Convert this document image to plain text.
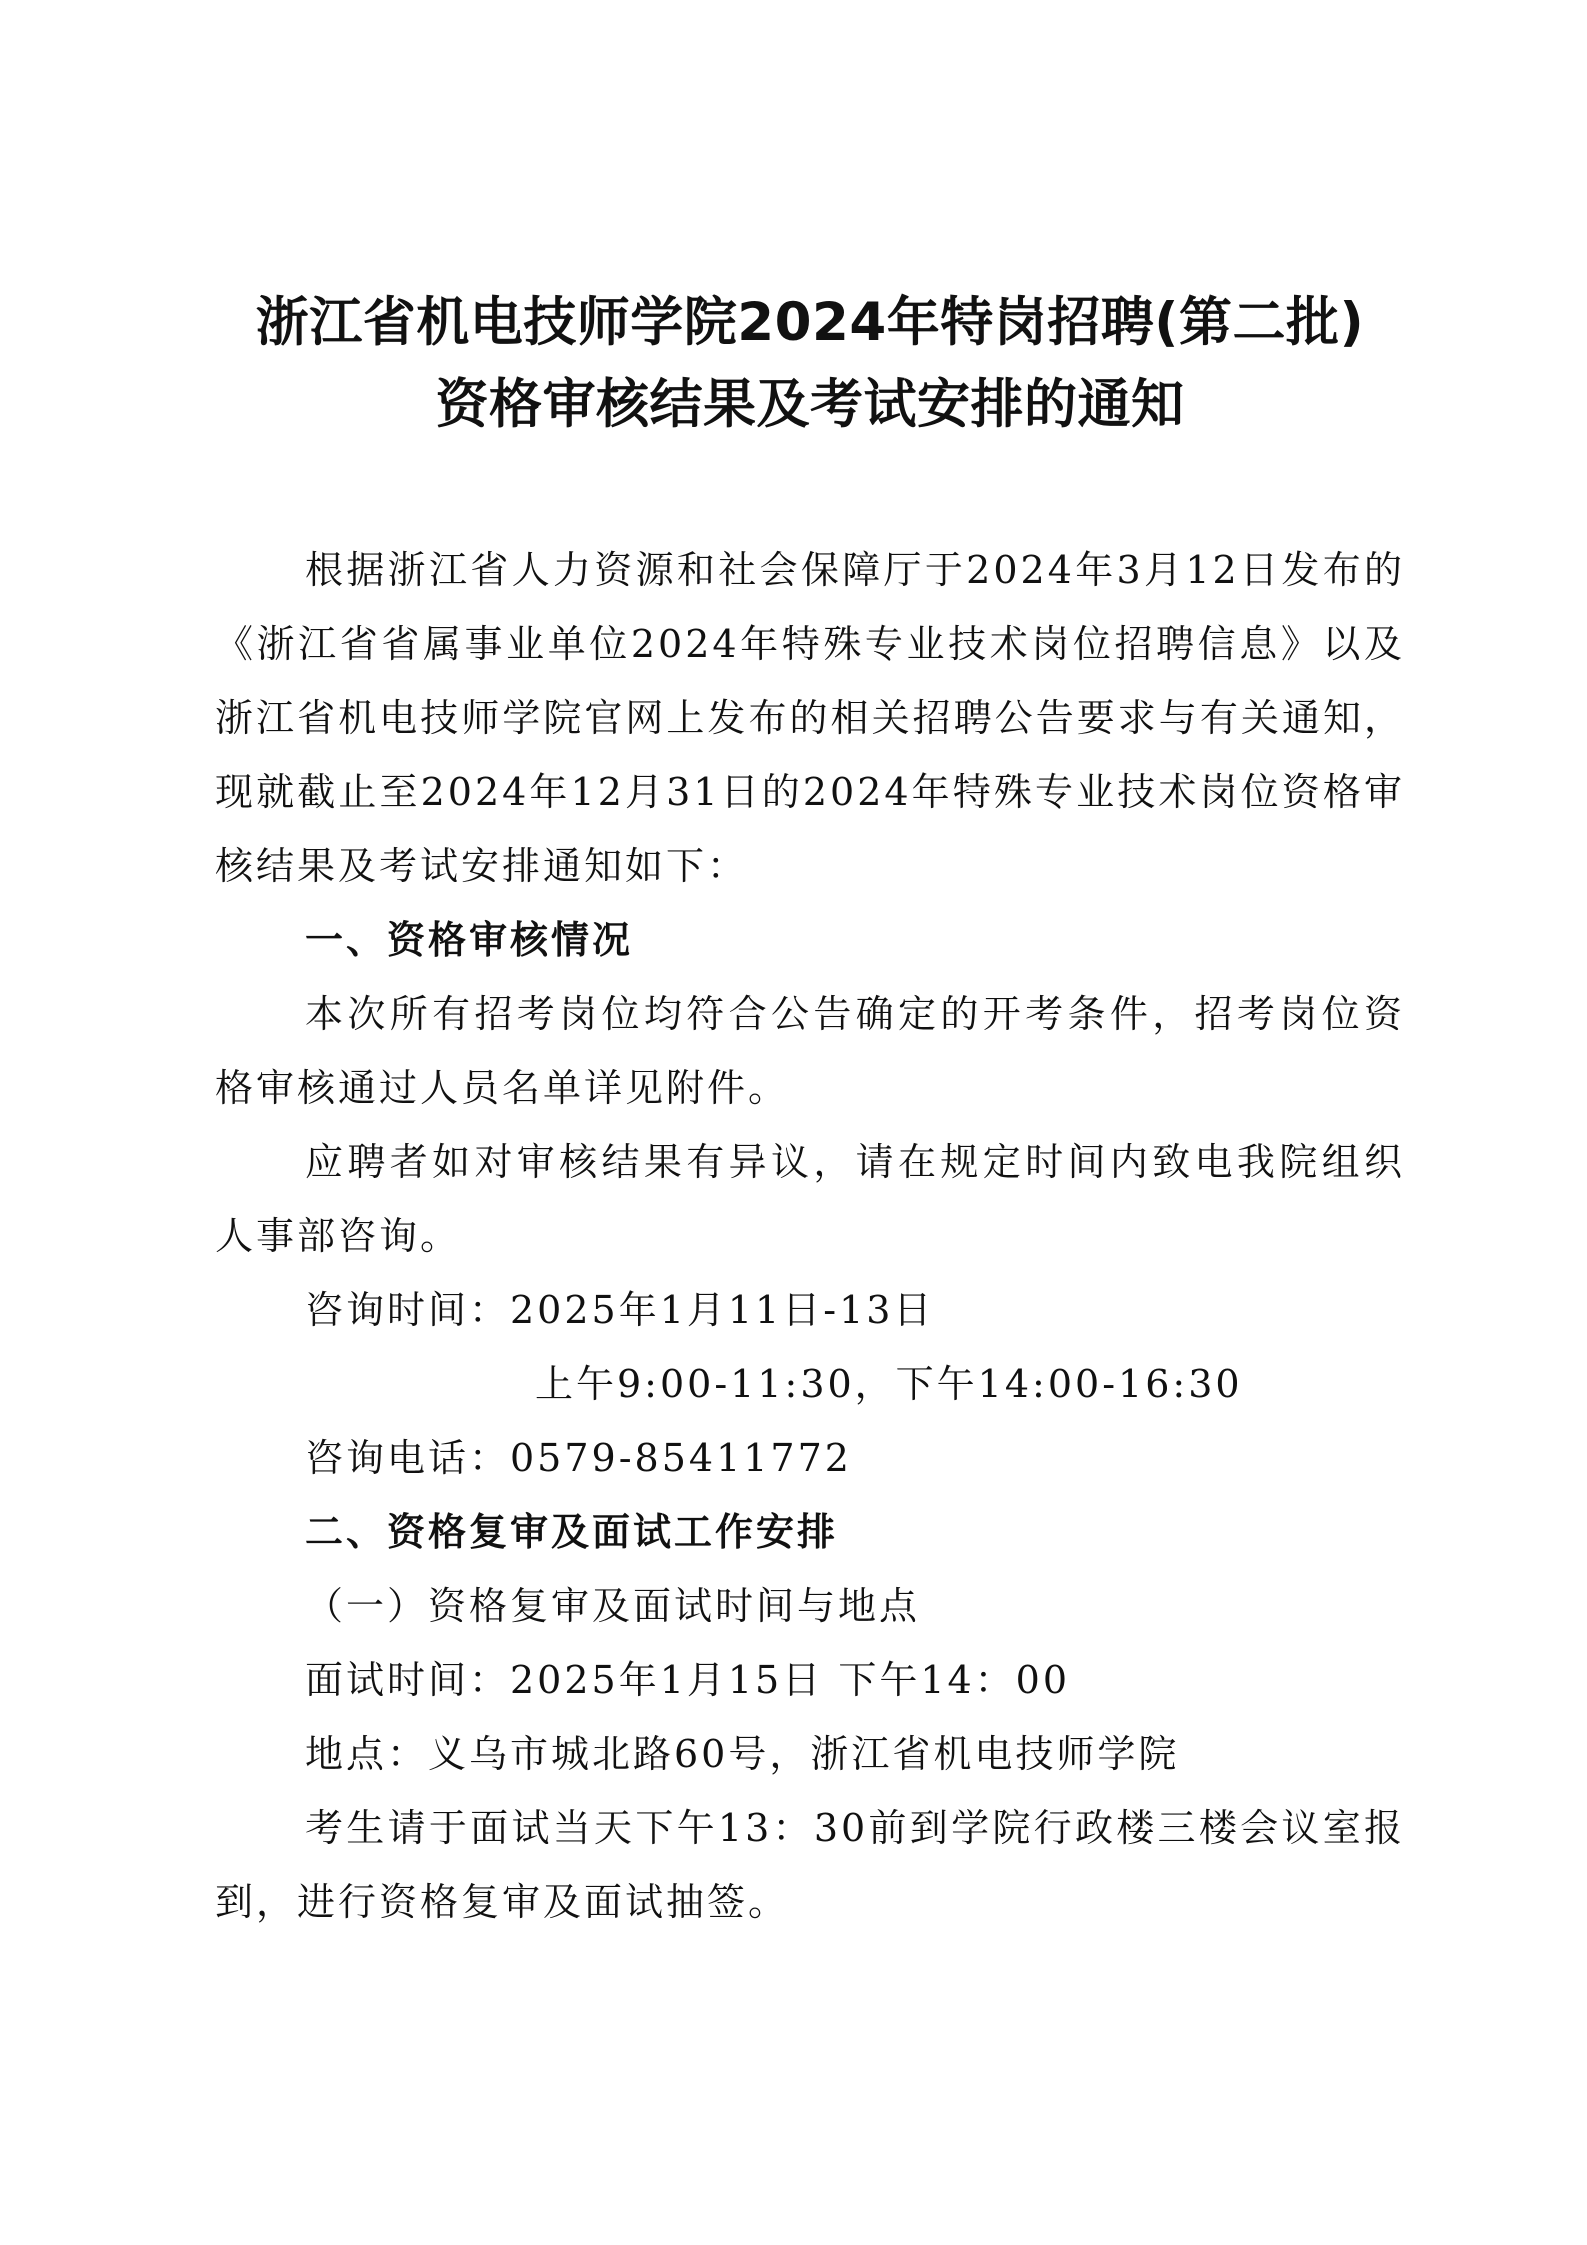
浙江省机电技师学院2024年特岗招聘(第二批)
资格审核结果及考试安排的通知

根据浙江省人力资源和社会保障厅于2024年3月12日发布的《浙江省省属事业单位2024年特殊专业技术岗位招聘信息》以及浙江省机电技师学院官网上发布的相关招聘公告要求与有关通知，现就截止至2024年12月31日的2024年特殊专业技术岗位资格审核结果及考试安排通知如下：

一、资格审核情况

本次所有招考岗位均符合公告确定的开考条件，招考岗位资格审核通过人员名单详见附件。

应聘者如对审核结果有异议，请在规定时间内致电我院组织人事部咨询。

咨询时间：2025年1月11日-13日

上午9:00-11:30，下午14:00-16:30

咨询电话：0579-85411772

二、资格复审及面试工作安排

（一）资格复审及面试时间与地点

面试时间：2025年1月15日 下午14：00

地点：义乌市城北路60号，浙江省机电技师学院

考生请于面试当天下午13：30前到学院行政楼三楼会议室报到，进行资格复审及面试抽签。
